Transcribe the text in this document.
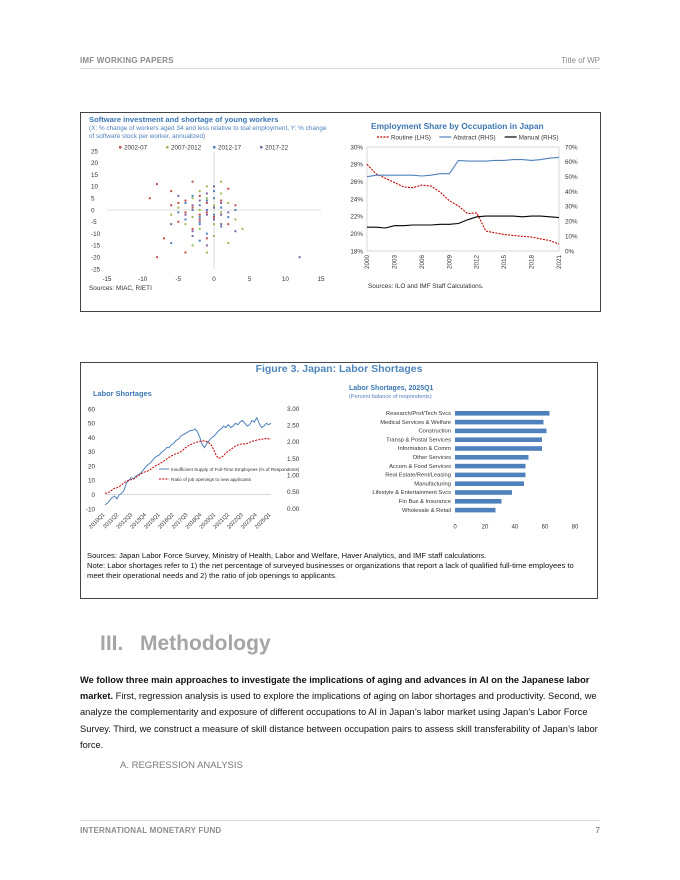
IMF WORKING PAPERS	Title of WP
Software investment and shortage of young workers
(X: % change of workers aged 34 and less relative to toal employment, Y: % change
of software stock per worker, annualized)
2002-07	2007-2012	2012-17	2017-22
25
20
15
10
5
0
-5
-10
-15
-20
-25
-15	-10	-5	0	5	10	15
Sources: MIAC, RIETI
Employment Share by Occupation in Japan
Routine (LHS)	Abstract (RHS)	Manual (RHS)
30%
28%
26%
24%
22%
20%
18%
70%
60%
50%
40%
30%
20%
10%
0%
2000	2003	2006	2009	2012	2015	2018	2021
Sources: ILO and IMF Staff Calculations.
Figure 3. Japan: Labor Shortages
Labor Shortages
60
50
40
30
20
10
0
-10
3.00
2.50
2.00
1.50
1.00
0.50
0.00
2010Q1
2011Q2
2012Q3
2013Q4
2015Q1
2016Q2
2017Q3
2018Q4
2020Q1
2021Q2
2022Q3
2023Q4
2025Q1
Insufficient Supply of Full-Time Employees (% of Respondents)
Ratio of job openings to new applicants
Labor Shortages, 2025Q1
(Percent balance of respondents)
Research/Prof/Tech Svcs
Medical Services & Welfare
Construction
Transp & Postal Services
Information & Comm
Other Services
Accom & Food Services
Real Estate/Rent/Leasing
Manufacturing
Lifestyle & Entertainment Svcs
Fin Bus & Insurance
Wholesale & Retail
0	20	40	60	80
Sources: Japan Labor Force Survey, Ministry of Health, Labor and Welfare, Haver Analytics, and IMF staff calculations.
Note: Labor shortages refer to 1) the net percentage of surveyed businesses or organizations that report a lack of qualified full-time employees to meet their operational needs and 2) the ratio of job openings to applicants.
III. Methodology
We follow three main approaches to investigate the implications of aging and advances in AI on the Japanese labor market. First, regression analysis is used to explore the implications of aging on labor shortages and productivity. Second, we analyze the complementarity and exposure of different occupations to AI in Japan’s labor market using Japan’s Labor Force Survey. Third, we construct a measure of skill distance between occupation pairs to assess skill transferability of Japan’s labor force.
A. REGRESSION ANALYSIS
INTERNATIONAL MONETARY FUND	7
